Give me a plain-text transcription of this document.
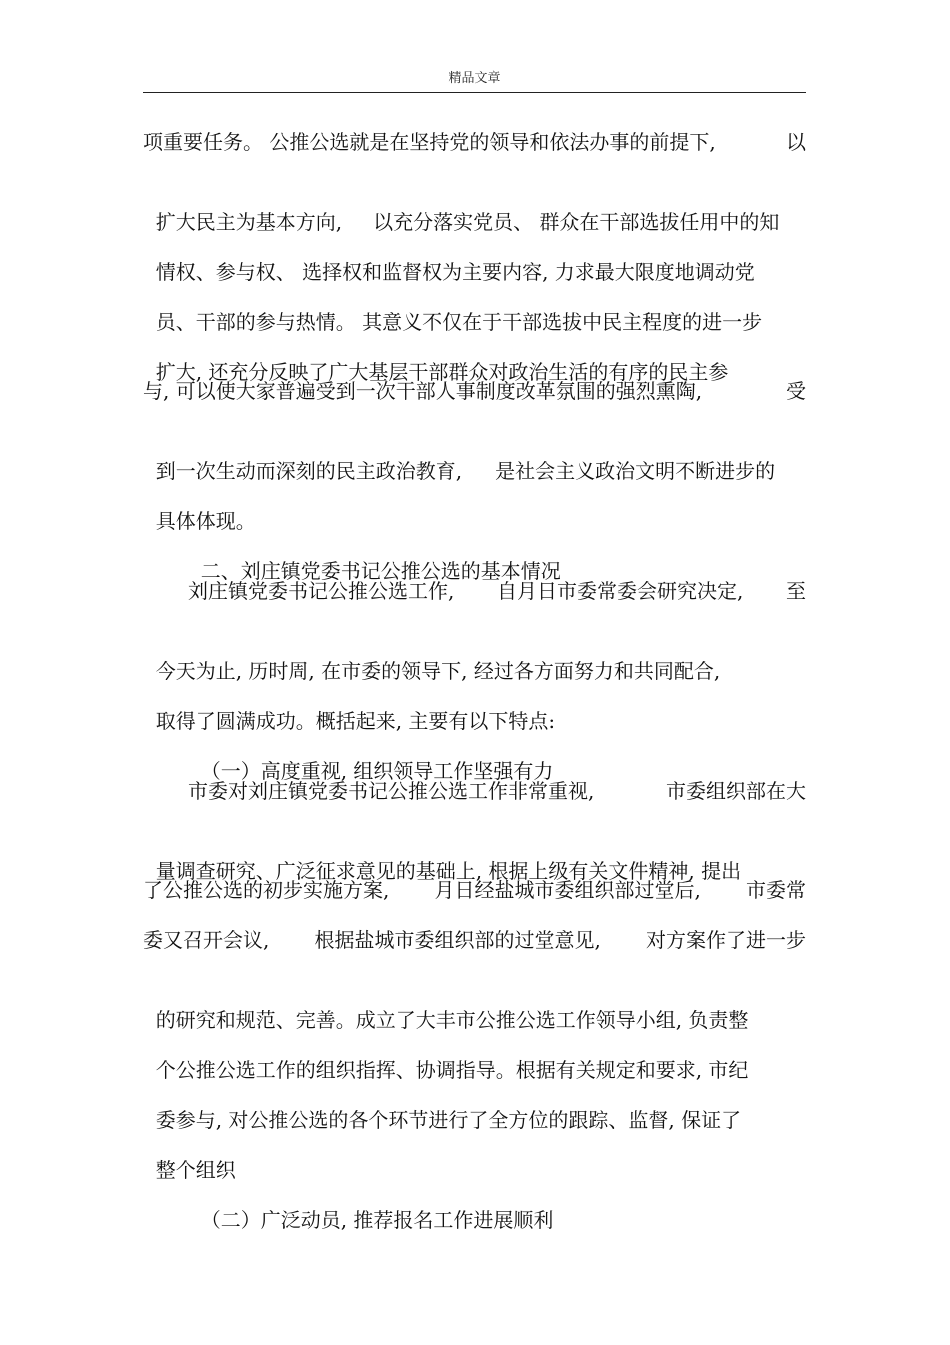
精品文章
项重要任务。 公推公选就是在坚持党的领导和依法办事的前提下,	以

扩大民主为基本方向, 以充分落实党员、 群众在干部选拔任用中的知

情权、参与权、 选择权和监督权为主要内容, 力求最大限度地调动党

员、干部的参与热情。 其意义不仅在于干部选拔中民主程度的进一步

扩大, 还充分反映了广大基层干部群众对政治生活的有序的民主参

与, 可以使大家普遍受到一次干部人事制度改革氛围的强烈熏陶,	受

到一次生动而深刻的民主政治教育, 是社会主义政治文明不断进步的

具体体现。

二、刘庄镇党委书记公推公选的基本情况

刘庄镇党委书记公推公选工作, 自月日市委常委会研究决定, 至

今天为止, 历时周, 在市委的领导下, 经过各方面努力和共同配合,

取得了圆满成功。概括起来, 主要有以下特点:

（一）高度重视, 组织领导工作坚强有力

市委对刘庄镇党委书记公推公选工作非常重视,	市委组织部在大

量调查研究、广泛征求意见的基础上, 根据上级有关文件精神, 提出

了公推公选的初步实施方案, 月日经盐城市委组织部过堂后, 市委常
委又召开会议, 根据盐城市委组织部的过堂意见, 对方案作了进一步

的研究和规范、完善。成立了大丰市公推公选工作领导小组, 负责整

个公推公选工作的组织指挥、协调指导。根据有关规定和要求, 市纪

委参与, 对公推公选的各个环节进行了全方位的跟踪、监督, 保证了

整个组织

（二）广泛动员, 推荐报名工作进展顺利
